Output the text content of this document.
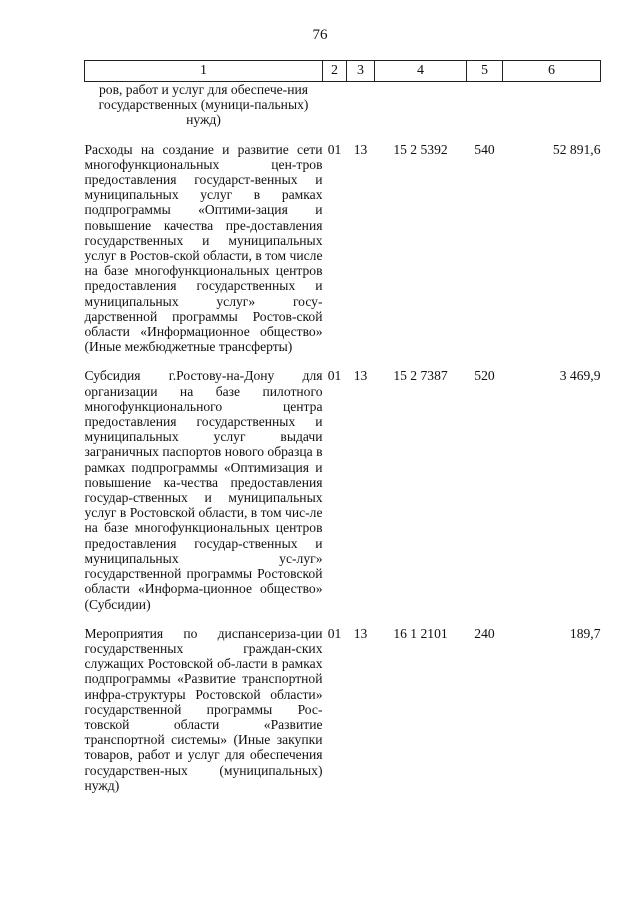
76
1	2	3	4	5	6
ров, работ и услуг для обеспече-ния государственных (муници-пальных) нужд)					
Расходы на создание и развитие сети многофункциональных цен-тров предоставления государст-венных и муниципальных услуг в рамках подпрограммы «Оптими-зация и повышение качества пре-доставления государственных и муниципальных услуг в Ростов-ской области, в том числе на базе многофункциональных центров предоставления государственных и муниципальных услуг» госу-дарственной программы Ростов-ской области «Информационное общество» (Иные межбюджетные трансферты)	01	13	15 2 5392	540	52 891,6
Субсидия г.Ростову-на-Дону для организации на базе пилотного многофункционального центра предоставления государственных и муниципальных услуг выдачи заграничных паспортов нового образца в рамках подпрограммы «Оптимизация и повышение ка-чества предоставления государ-ственных и муниципальных услуг в Ростовской области, в том чис-ле на базе многофункциональных центров предоставления государ-ственных и муниципальных ус-луг» государственной программы Ростовской области «Информа-ционное общество» (Субсидии)	01	13	15 2 7387	520	3 469,9
Мероприятия по диспансериза-ции государственных граждан-ских служащих Ростовской об-ласти в рамках подпрограммы «Развитие транспортной инфра-структуры Ростовской области» государственной программы Рос-товской области «Развитие транспортной системы» (Иные закупки товаров, работ и услуг для обеспечения государствен-ных (муниципальных) нужд)	01	13	16 1 2101	240	189,7
